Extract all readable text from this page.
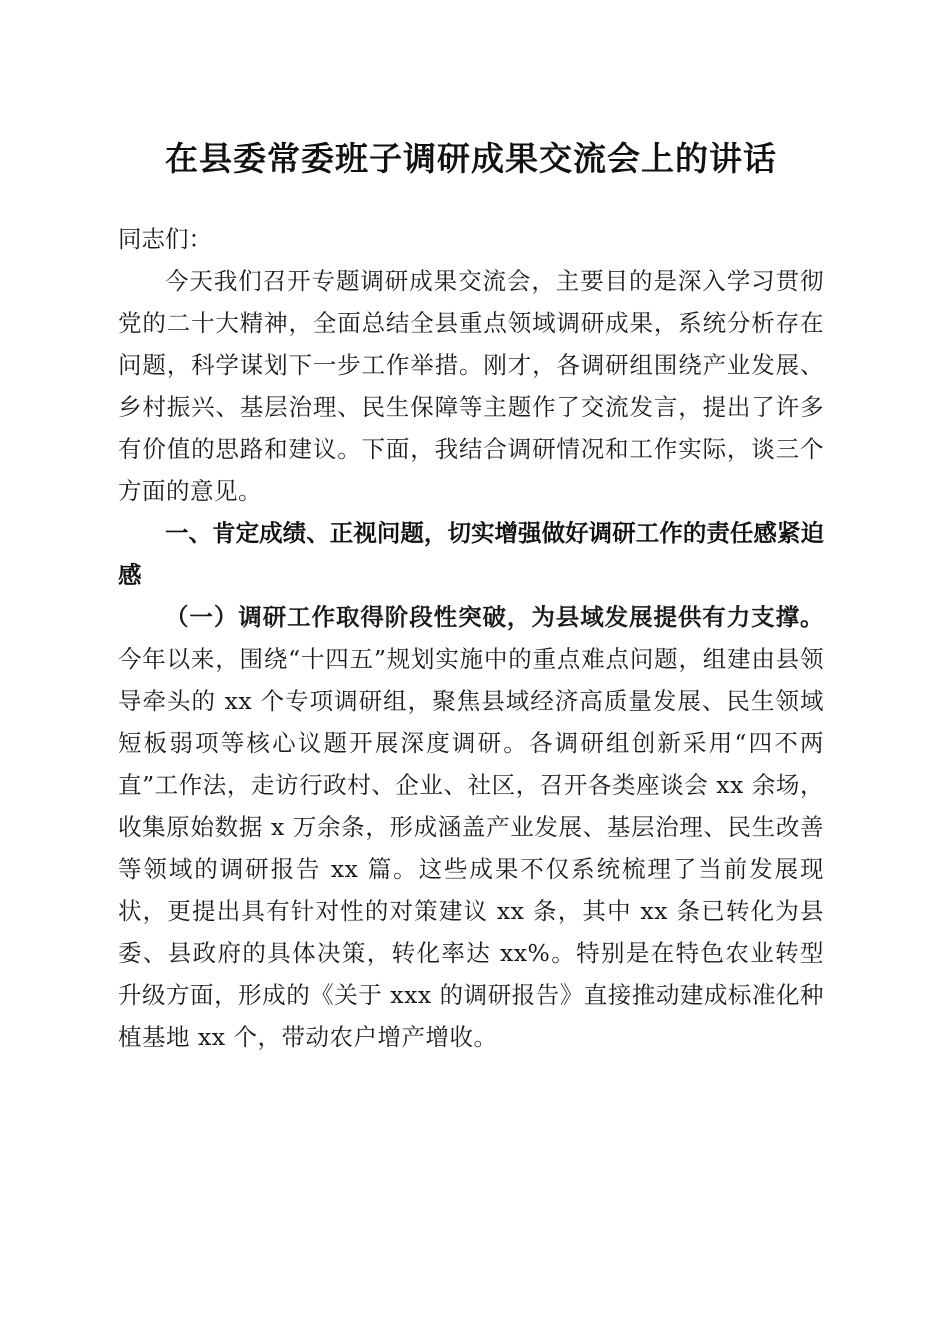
在县委常委班子调研成果交流会上的讲话

同志们：

今天我们召开专题调研成果交流会，主要目的是深入学习贯彻党的二十大精神，全面总结全县重点领域调研成果，系统分析存在问题，科学谋划下一步工作举措。刚才，各调研组围绕产业发展、乡村振兴、基层治理、民生保障等主题作了交流发言，提出了许多有价值的思路和建议。下面，我结合调研情况和工作实际，谈三个方面的意见。

一、肯定成绩、正视问题，切实增强做好调研工作的责任感紧迫感

（一）调研工作取得阶段性突破，为县域发展提供有力支撑。今年以来，围绕“十四五”规划实施中的重点难点问题，组建由县领导牵头的 xx 个专项调研组，聚焦县域经济高质量发展、民生领域短板弱项等核心议题开展深度调研。各调研组创新采用“四不两直”工作法，走访行政村、企业、社区，召开各类座谈会 xx 余场，收集原始数据 x 万余条，形成涵盖产业发展、基层治理、民生改善等领域的调研报告 xx 篇。这些成果不仅系统梳理了当前发展现状，更提出具有针对性的对策建议 xx 条，其中 xx 条已转化为县委、县政府的具体决策，转化率达 xx%。特别是在特色农业转型升级方面，形成的《关于 xxx 的调研报告》直接推动建成标准化种植基地 xx 个，带动农户增产增收。
